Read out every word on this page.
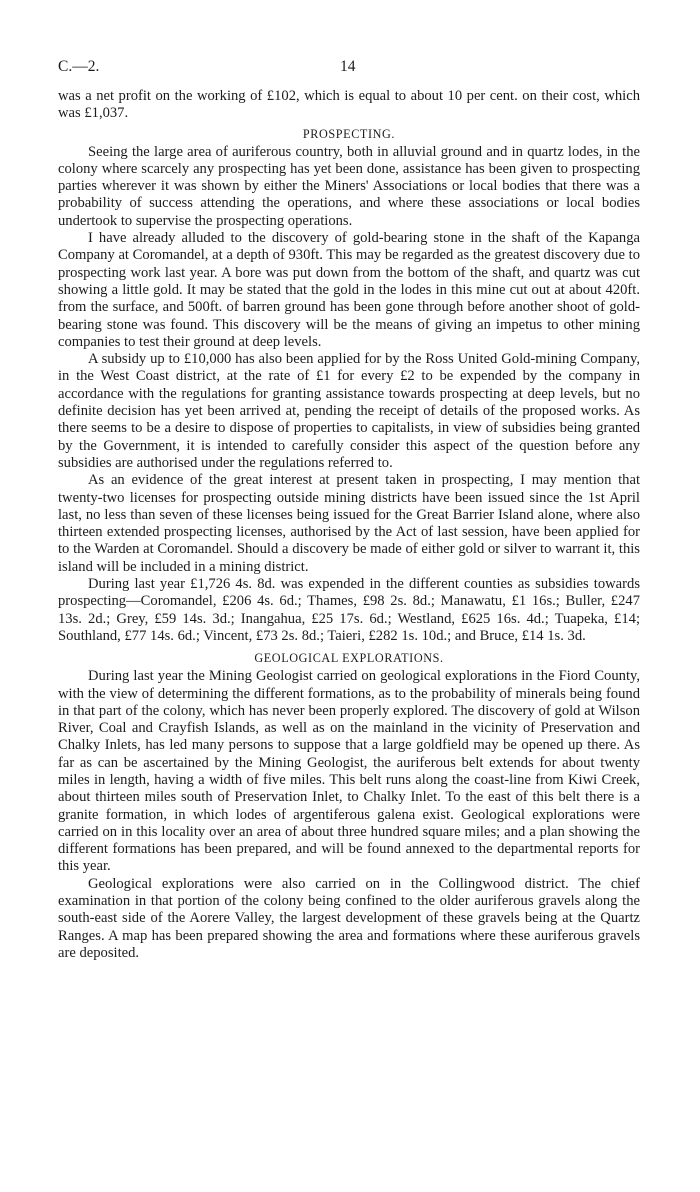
C.—2.	14

was a net profit on the working of £102, which is equal to about 10 per cent. on their cost, which was £1,037.

PROSPECTING.

Seeing the large area of auriferous country, both in alluvial ground and in quartz lodes, in the colony where scarcely any prospecting has yet been done, assistance has been given to prospecting parties wherever it was shown by either the Miners' Associations or local bodies that there was a probability of success attending the operations, and where these associations or local bodies undertook to supervise the prospecting operations.

I have already alluded to the discovery of gold-bearing stone in the shaft of the Kapanga Company at Coromandel, at a depth of 930ft. This may be regarded as the greatest discovery due to prospecting work last year. A bore was put down from the bottom of the shaft, and quartz was cut showing a little gold. It may be stated that the gold in the lodes in this mine cut out at about 420ft. from the surface, and 500ft. of barren ground has been gone through before another shoot of gold-bearing stone was found. This discovery will be the means of giving an impetus to other mining companies to test their ground at deep levels.

A subsidy up to £10,000 has also been applied for by the Ross United Gold-mining Company, in the West Coast district, at the rate of £1 for every £2 to be expended by the company in accordance with the regulations for granting assistance towards prospecting at deep levels, but no definite decision has yet been arrived at, pending the receipt of details of the proposed works. As there seems to be a desire to dispose of properties to capitalists, in view of subsidies being granted by the Government, it is intended to carefully consider this aspect of the question before any subsidies are authorised under the regulations referred to.

As an evidence of the great interest at present taken in prospecting, I may mention that twenty-two licenses for prospecting outside mining districts have been issued since the 1st April last, no less than seven of these licenses being issued for the Great Barrier Island alone, where also thirteen extended prospecting licenses, authorised by the Act of last session, have been applied for to the Warden at Coromandel. Should a discovery be made of either gold or silver to warrant it, this island will be included in a mining district.

During last year £1,726 4s. 8d. was expended in the different counties as subsidies towards prospecting—Coromandel, £206 4s. 6d.; Thames, £98 2s. 8d.; Manawatu, £1 16s.; Buller, £247 13s. 2d.; Grey, £59 14s. 3d.; Inangahua, £25 17s. 6d.; Westland, £625 16s. 4d.; Tuapeka, £14; Southland, £77 14s. 6d.; Vincent, £73 2s. 8d.; Taieri, £282 1s. 10d.; and Bruce, £14 1s. 3d.

GEOLOGICAL EXPLORATIONS.

During last year the Mining Geologist carried on geological explorations in the Fiord County, with the view of determining the different formations, as to the probability of minerals being found in that part of the colony, which has never been properly explored. The discovery of gold at Wilson River, Coal and Crayfish Islands, as well as on the mainland in the vicinity of Preservation and Chalky Inlets, has led many persons to suppose that a large goldfield may be opened up there. As far as can be ascertained by the Mining Geologist, the auriferous belt extends for about twenty miles in length, having a width of five miles. This belt runs along the coast-line from Kiwi Creek, about thirteen miles south of Preservation Inlet, to Chalky Inlet. To the east of this belt there is a granite formation, in which lodes of argentiferous galena exist. Geological explorations were carried on in this locality over an area of about three hundred square miles; and a plan showing the different formations has been prepared, and will be found annexed to the departmental reports for this year.

Geological explorations were also carried on in the Collingwood district. The chief examination in that portion of the colony being confined to the older auriferous gravels along the south-east side of the Aorere Valley, the largest development of these gravels being at the Quartz Ranges. A map has been prepared showing the area and formations where these auriferous gravels are deposited.
